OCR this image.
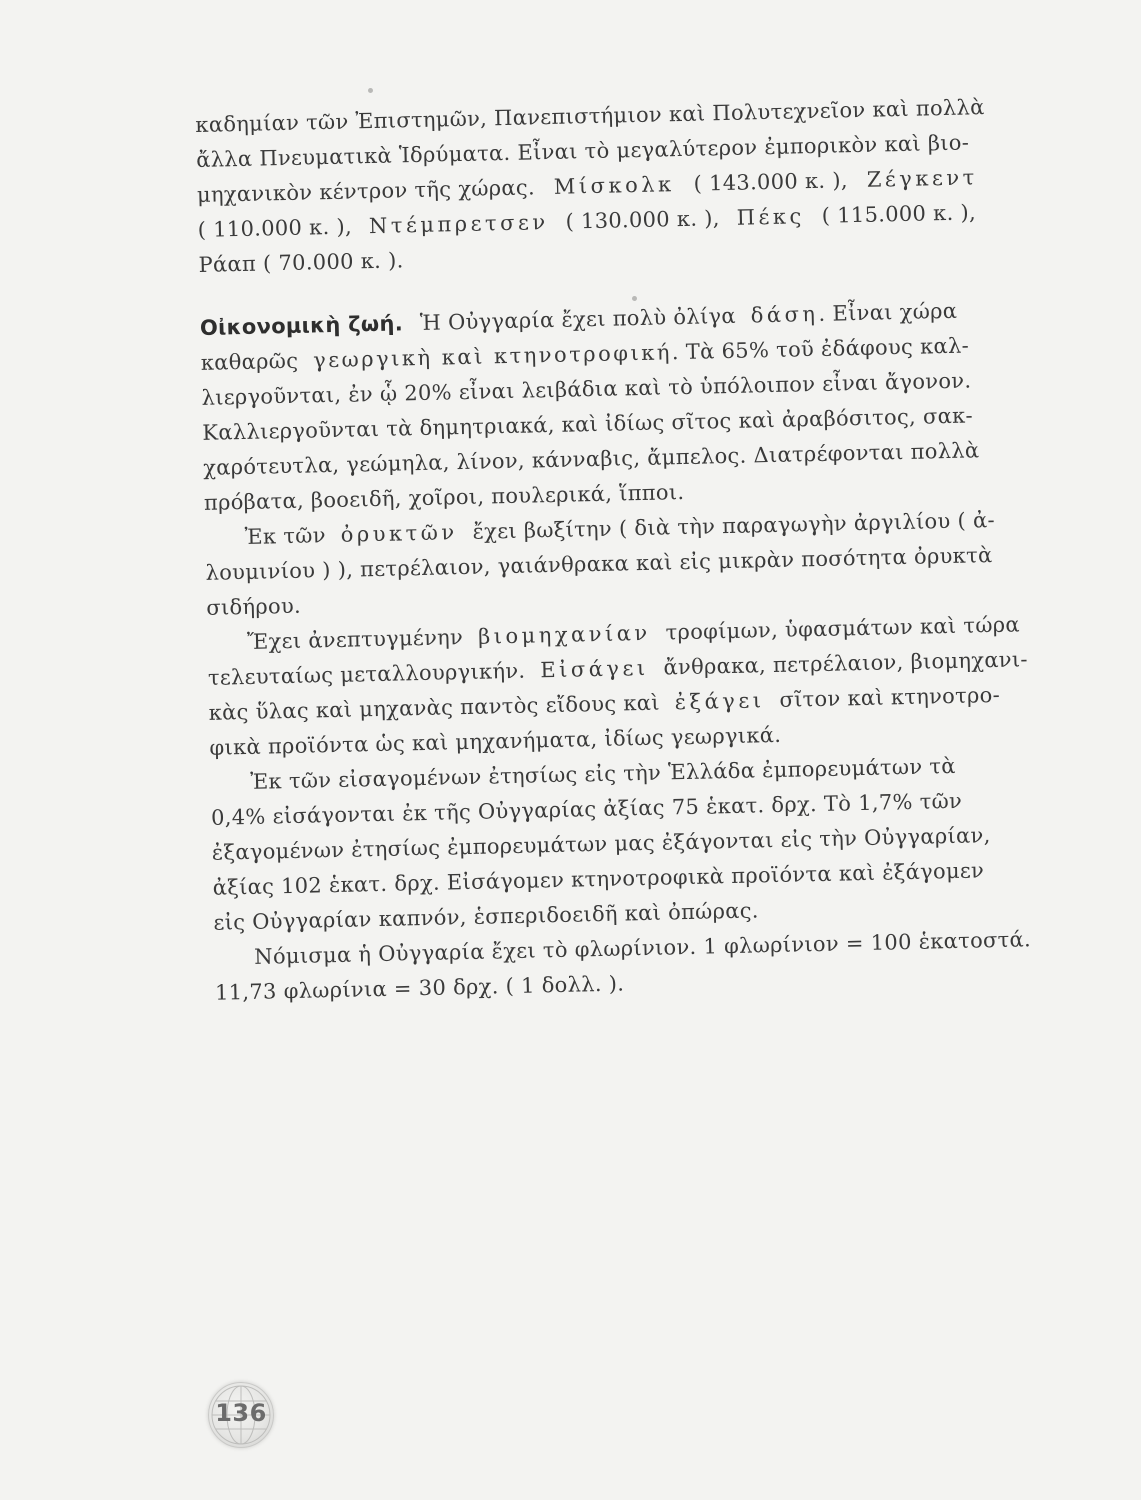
καδημίαν τῶν Ἐπιστημῶν, Πανεπιστήμιον καὶ Πολυτεχνεῖον καὶ πολλὰ
ἄλλα Πνευματικὰ Ἱδρύματα. Εἶναι τὸ μεγαλύτερον ἐμπορικὸν καὶ βιο-
μηχανικὸν κέντρον τῆς χώρας. Μίσκολκ ( 143.000 κ. ), Ζέγκεντ
( 110.000 κ. ), Ντέμπρετσεν ( 130.000 κ. ), Πέκς ( 115.000 κ. ),
Ράαπ ( 70.000 κ. ).

Οἰκονομικὴ ζωή. Ἡ Οὐγγαρία ἔχει πολὺ ὀλίγα δάση. Εἶναι χώρα
καθαρῶς γεωργικὴ καὶ κτηνοτροφική. Τὰ 65% τοῦ ἐδάφους καλ-
λιεργοῦνται, ἐν ᾧ 20% εἶναι λειβάδια καὶ τὸ ὑπόλοιπον εἶναι ἄγονον.
Καλλιεργοῦνται τὰ δημητριακά, καὶ ἰδίως σῖτος καὶ ἀραβόσιτος, σακ-
χαρότευτλα, γεώμηλα, λίνον, κάνναβις, ἄμπελος. Διατρέφονται πολλὰ
πρόβατα, βοοειδῆ, χοῖροι, πουλερικά, ἵπποι.

Ἐκ τῶν ὀρυκτῶν ἔχει βωξίτην ( διὰ τὴν παραγωγὴν ἀργιλίου ( ἀ-
λουμινίου ) ), πετρέλαιον, γαιάνθρακα καὶ εἰς μικρὰν ποσότητα ὀρυκτὰ
σιδήρου.

Ἔχει ἀνεπτυγμένην βιομηχανίαν τροφίμων, ὑφασμάτων καὶ τώρα
τελευταίως μεταλλουργικήν. Εἰσάγει ἄνθρακα, πετρέλαιον, βιομηχανι-
κὰς ὕλας καὶ μηχανὰς παντὸς εἴδους καὶ ἐξάγει σῖτον καὶ κτηνοτρο-
φικὰ προϊόντα ὡς καὶ μηχανήματα, ἰδίως γεωργικά.

Ἐκ τῶν εἰσαγομένων ἐτησίως εἰς τὴν Ἑλλάδα ἐμπορευμάτων τὰ
0,4% εἰσάγονται ἐκ τῆς Οὐγγαρίας ἀξίας 75 ἑκατ. δρχ. Τὸ 1,7% τῶν
ἐξαγομένων ἐτησίως ἐμπορευμάτων μας ἐξάγονται εἰς τὴν Οὐγγαρίαν,
ἀξίας 102 ἑκατ. δρχ. Εἰσάγομεν κτηνοτροφικὰ προϊόντα καὶ ἐξάγομεν
εἰς Οὐγγαρίαν καπνόν, ἑσπεριδοειδῆ καὶ ὀπώρας.

Νόμισμα ἡ Οὐγγαρία ἔχει τὸ φλωρίνιον. 1 φλωρίνιον = 100 ἑκατοστά.
11,73 φλωρίνια = 30 δρχ. ( 1 δολλ. ).

136
